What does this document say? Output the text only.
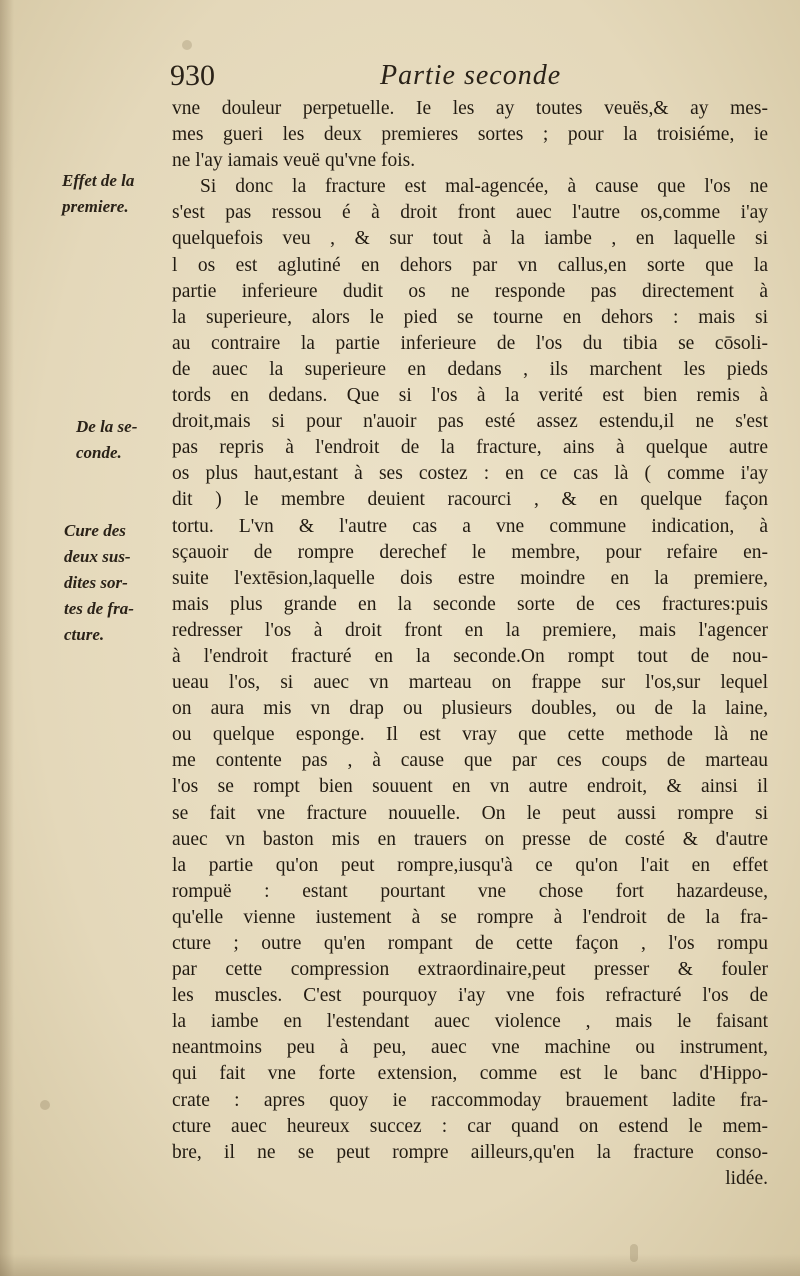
930	Partie seconde
Effet de la
premiere.
De la se-
conde.
Cure des
deux sus-
dites sor-
tes de fra-
cture.
vne douleur perpetuelle. Ie les ay toutes veuës,& ay mes-
mes gueri les deux premieres sortes ; pour la troisiéme, ie
ne l'ay iamais veuë qu'vne fois.
Si donc la fracture est mal-agencée, à cause que l'os ne
s'est pas ressou é à droit front auec l'autre os,comme i'ay
quelquefois veu , & sur tout à la iambe , en laquelle si
l os est aglutiné en dehors par vn callus,en sorte que la
partie inferieure dudit os ne responde pas directement à
la superieure, alors le pied se tourne en dehors : mais si
au contraire la partie inferieure de l'os du tibia se cōsoli-
de auec la superieure en dedans , ils marchent les pieds
tords en dedans. Que si l'os à la verité est bien remis à
droit,mais si pour n'auoir pas esté assez estendu,il ne s'est
pas repris à l'endroit de la fracture, ains à quelque autre
os plus haut,estant à ses costez : en ce cas là ( comme i'ay
dit ) le membre deuient racourci , & en quelque façon
tortu. L'vn & l'autre cas a vne commune indication, à
sçauoir de rompre derechef le membre, pour refaire en-
suite l'extēsion,laquelle dois estre moindre en la premiere,
mais plus grande en la seconde sorte de ces fractures:puis
redresser l'os à droit front en la premiere, mais l'agencer
à l'endroit fracturé en la seconde.On rompt tout de nou-
ueau l'os, si auec vn marteau on frappe sur l'os,sur lequel
on aura mis vn drap ou plusieurs doubles, ou de la laine,
ou quelque esponge. Il est vray que cette methode là ne
me contente pas , à cause que par ces coups de marteau
l'os se rompt bien souuent en vn autre endroit, & ainsi il
se fait vne fracture nouuelle. On le peut aussi rompre si
auec vn baston mis en trauers on presse de costé & d'autre
la partie qu'on peut rompre,iusqu'à ce qu'on l'ait en effet
rompuë : estant pourtant vne chose fort hazardeuse,
qu'elle vienne iustement à se rompre à l'endroit de la fra-
cture ; outre qu'en rompant de cette façon , l'os rompu
par cette compression extraordinaire,peut presser & fouler
les muscles. C'est pourquoy i'ay vne fois refracturé l'os de
la iambe en l'estendant auec violence , mais le faisant
neantmoins peu à peu, auec vne machine ou instrument,
qui fait vne forte extension, comme est le banc d'Hippo-
crate : apres quoy ie raccommoday brauement ladite fra-
cture auec heureux succez : car quand on estend le mem-
bre, il ne se peut rompre ailleurs,qu'en la fracture conso-
lidée.
